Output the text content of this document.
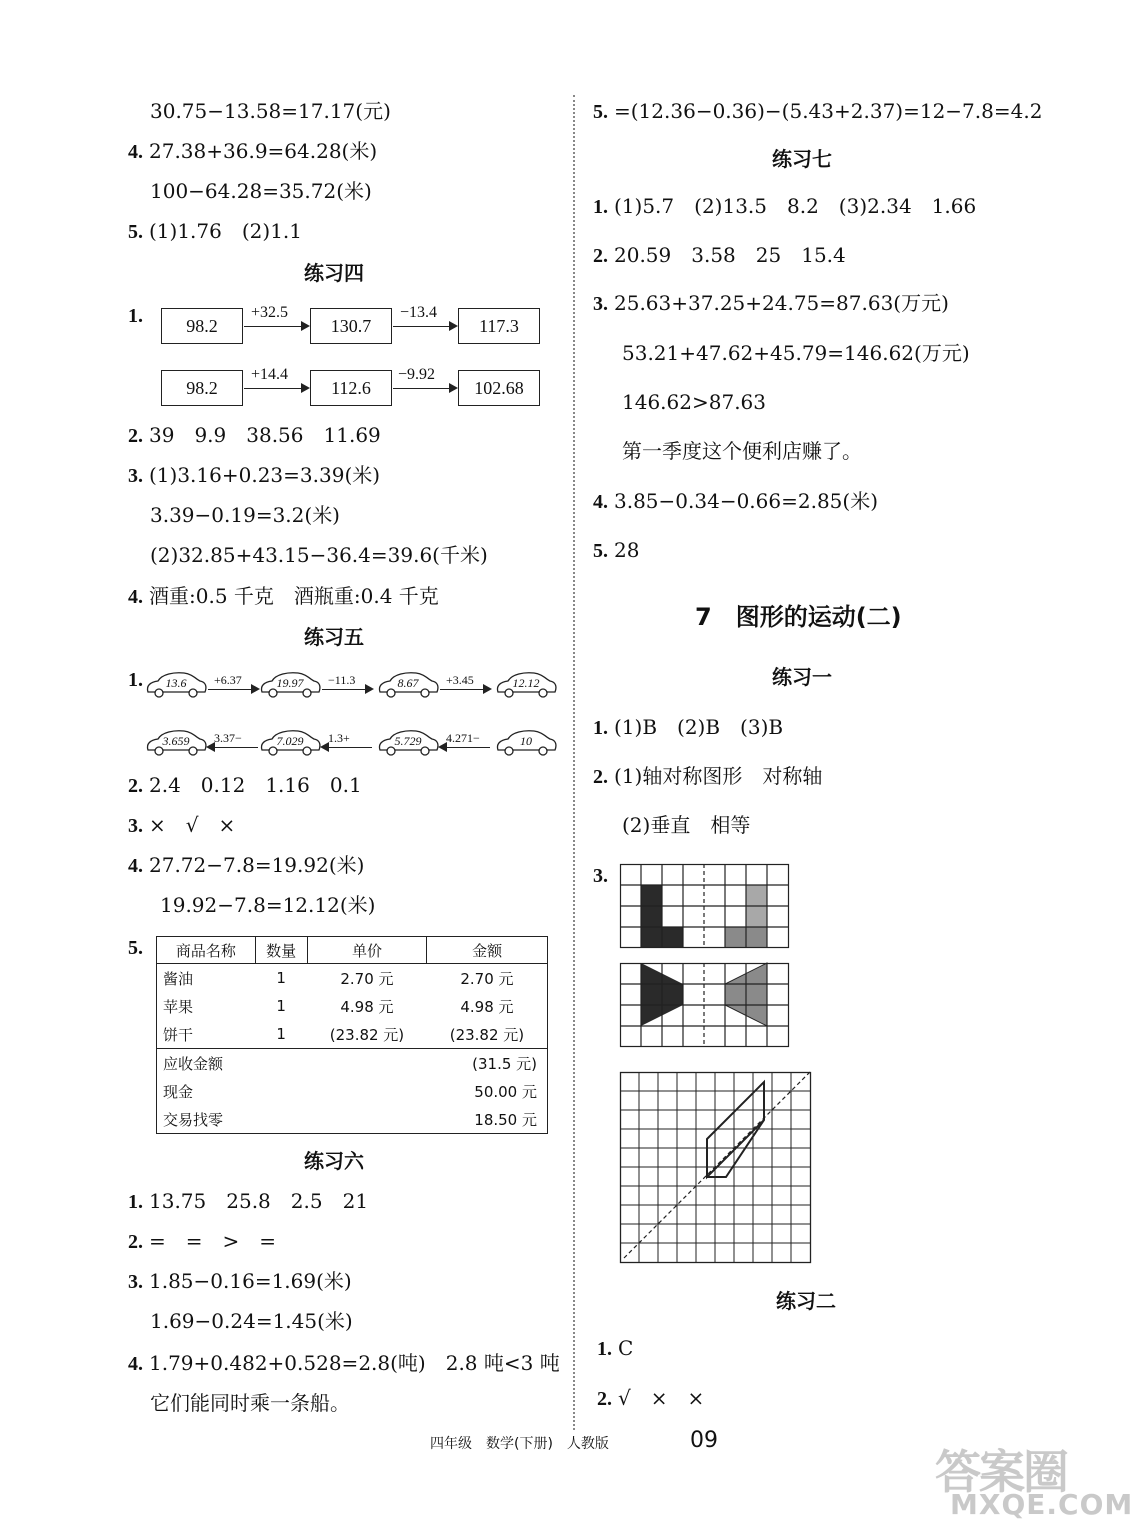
30.75−13.58=17.17(元)
4. 27.38+36.9=64.28(米)
100−64.28=35.72(米)
5. (1)1.76　(2)1.1
练习四
1.	98.2
+32.5
130.7
−13.4
117.3
98.2
+14.4
112.6
−9.92
102.68
2. 39　9.9　38.56　11.69
3. (1)3.16+0.23=3.39(米)
3.39−0.19=3.2(米)
(2)32.85+43.15−36.4=39.6(千米)
4. 酒重:0.5 千克　酒瓶重:0.4 千克
练习五
1.	13.6	19.97	8.67	12.12
+6.37	−11.3	+3.45
3.659	7.029	5.729	10
3.37−	1.3+	4.271−
2. 2.4　0.12　1.16　0.1
3. ×　√　×
4. 27.72−7.8=19.92(米)
19.92−7.8=12.12(米)
5.	商品名称	数量	单价	金额
酱油	1	2.70 元	2.70 元
苹果	1	4.98 元	4.98 元
饼干	1	(23.82 元)	(23.82 元)
应收金额			(31.5 元)
现金			50.00 元
交易找零			18.50 元
练习六
1. 13.75　25.8　2.5　21
2. =　=　>　=
3. 1.85−0.16=1.69(米)
1.69−0.24=1.45(米)
4. 1.79+0.482+0.528=2.8(吨)　2.8 吨<3 吨
它们能同时乘一条船。
5. =(12.36−0.36)−(5.43+2.37)=12−7.8=4.2
练习七
1. (1)5.7　(2)13.5　8.2　(3)2.34　1.66
2. 20.59　3.58　25　15.4
3. 25.63+37.25+24.75=87.63(万元)
53.21+47.62+45.79=146.62(万元)
146.62>87.63
第一季度这个便利店赚了。
4. 3.85−0.34−0.66=2.85(米)
5. 28
7　图形的运动(二)
练习一
1. (1)B　(2)B　(3)B
2. (1)轴对称图形　对称轴
(2)垂直　相等
3.
练习二
1. C
2. √　×　×
四年级　数学(下册)　人教版	09
答案圈
MXQE.COM
